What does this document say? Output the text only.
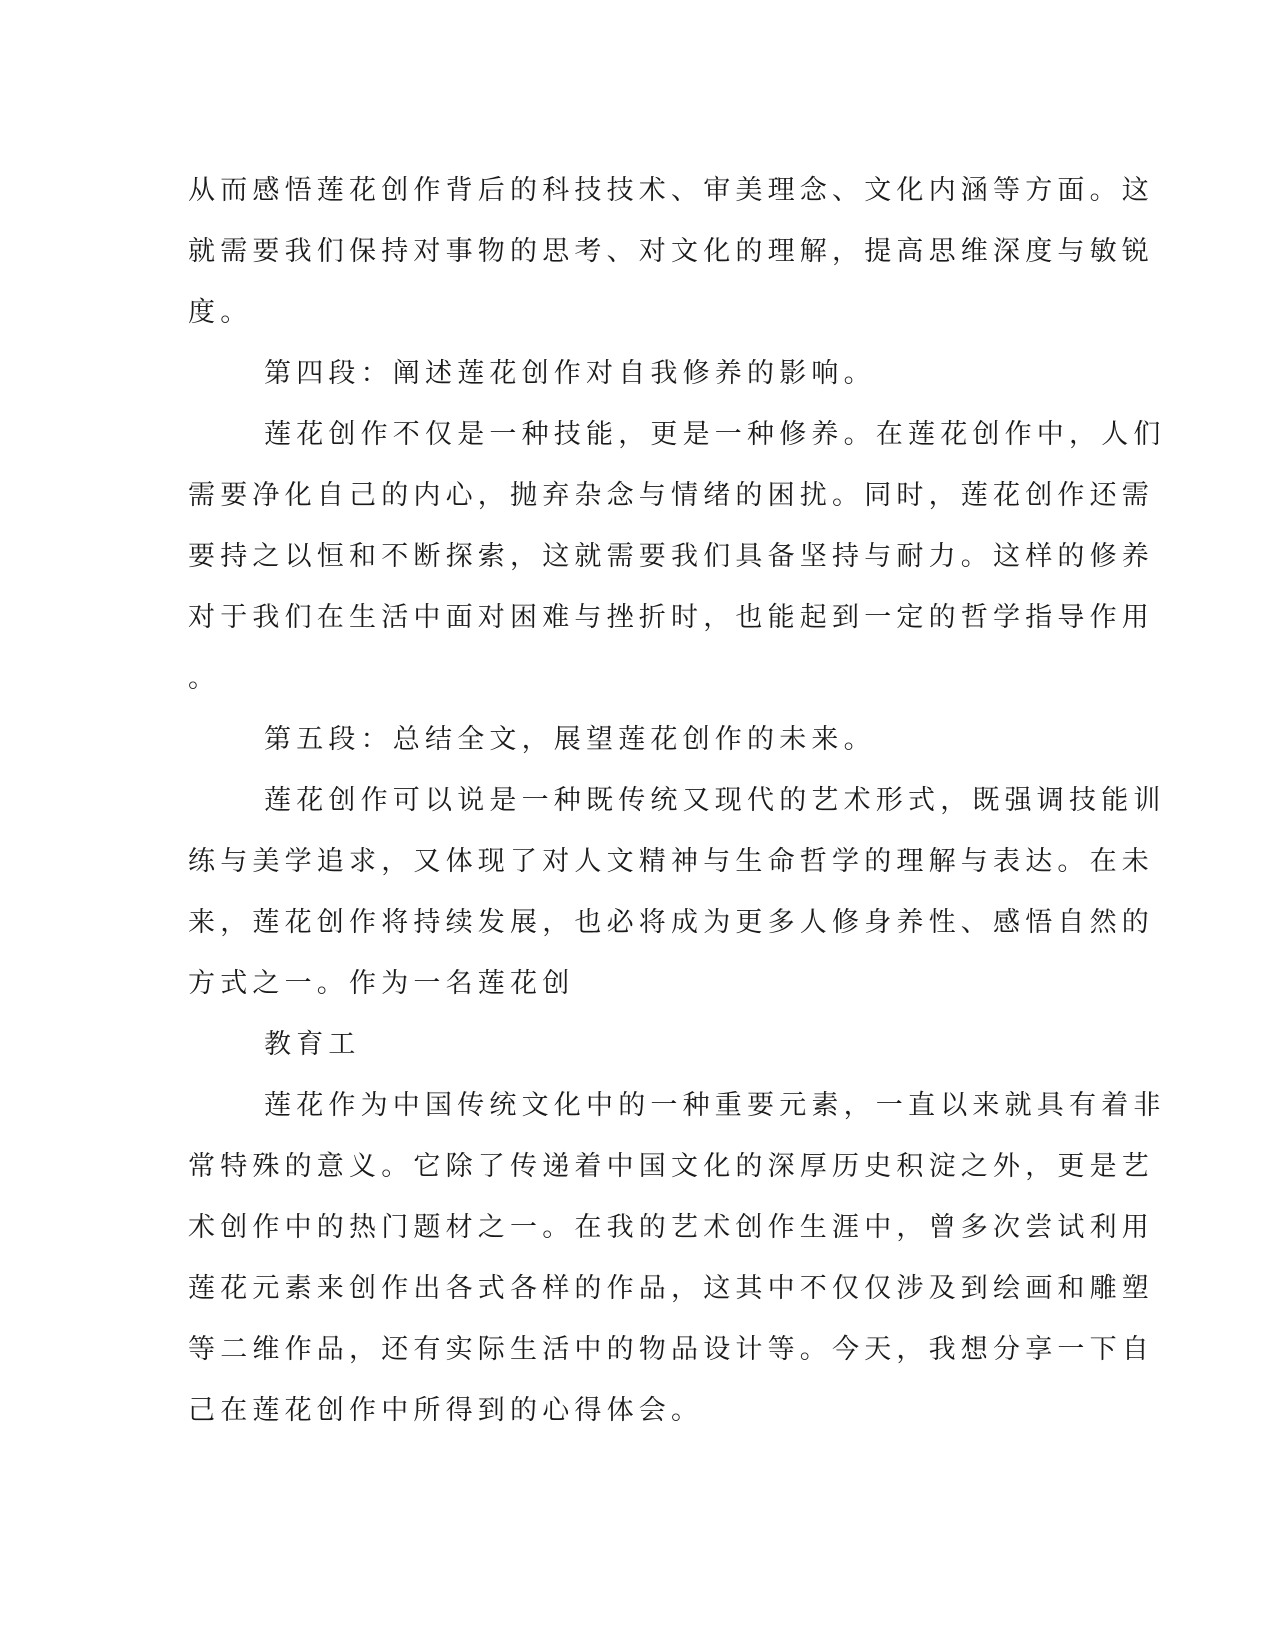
从而感悟莲花创作背后的科技技术、审美理念、文化内涵等方面。这

就需要我们保持对事物的思考、对文化的理解，提高思维深度与敏锐

度。

第四段：阐述莲花创作对自我修养的影响。

莲花创作不仅是一种技能，更是一种修养。在莲花创作中，人们

需要净化自己的内心，抛弃杂念与情绪的困扰。同时，莲花创作还需

要持之以恒和不断探索，这就需要我们具备坚持与耐力。这样的修养

对于我们在生活中面对困难与挫折时，也能起到一定的哲学指导作用

。

第五段：总结全文，展望莲花创作的未来。

莲花创作可以说是一种既传统又现代的艺术形式，既强调技能训

练与美学追求，又体现了对人文精神与生命哲学的理解与表达。在未

来，莲花创作将持续发展，也必将成为更多人修身养性、感悟自然的

方式之一。作为一名莲花创

教育工

莲花作为中国传统文化中的一种重要元素，一直以来就具有着非

常特殊的意义。它除了传递着中国文化的深厚历史积淀之外，更是艺

术创作中的热门题材之一。在我的艺术创作生涯中，曾多次尝试利用

莲花元素来创作出各式各样的作品，这其中不仅仅涉及到绘画和雕塑

等二维作品，还有实际生活中的物品设计等。今天，我想分享一下自

己在莲花创作中所得到的心得体会。
